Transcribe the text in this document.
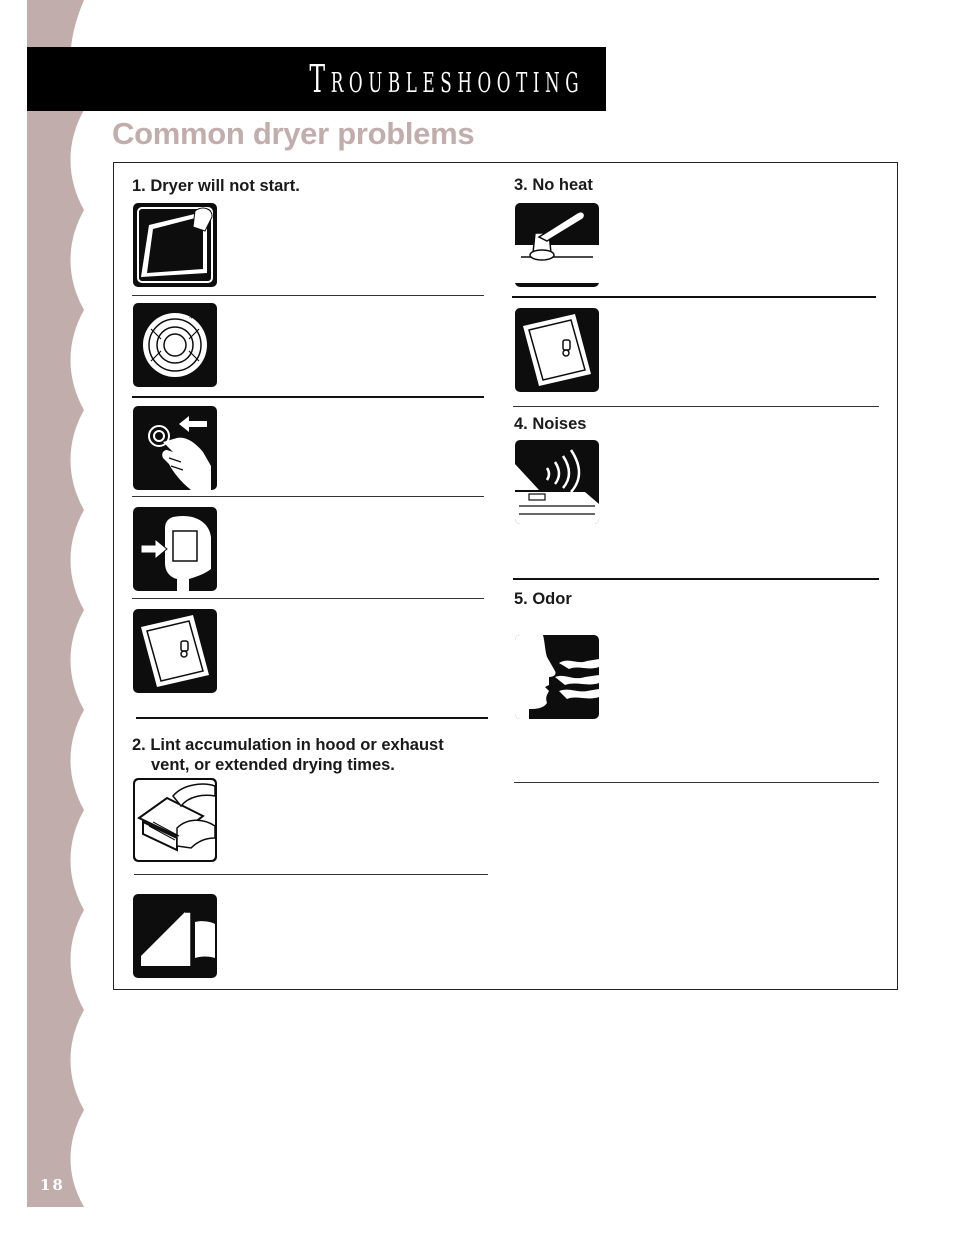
Troubleshooting
Common dryer problems

1. Dryer will not start.

*

2. Lint accumulation in hood or exhaust

vent, or extended drying times.

3. No heat

4. Noises

5. Odor

18
